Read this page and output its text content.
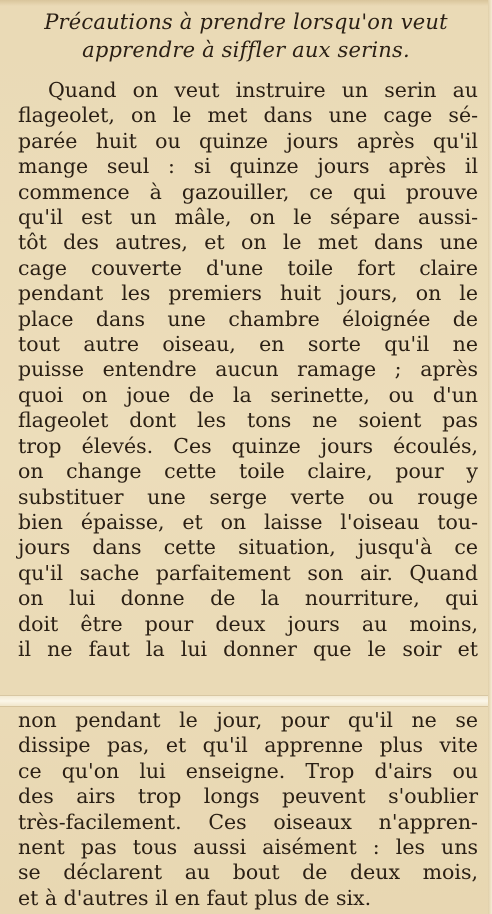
Précautions à prendre lorsqu'on veut
apprendre à siffler aux serins.
Quand on veut instruire un serin au
flageolet, on le met dans une cage sé-
parée huit ou quinze jours après qu'il
mange seul : si quinze jours après il
commence à gazouiller, ce qui prouve
qu'il est un mâle, on le sépare aussi-
tôt des autres, et on le met dans une
cage couverte d'une toile fort claire
pendant les premiers huit jours, on le
place dans une chambre éloignée de
tout autre oiseau, en sorte qu'il ne
puisse entendre aucun ramage ; après
quoi on joue de la serinette, ou d'un
flageolet dont les tons ne soient pas
trop élevés. Ces quinze jours écoulés,
on change cette toile claire, pour y
substituer une serge verte ou rouge
bien épaisse, et on laisse l'oiseau tou-
jours dans cette situation, jusqu'à ce
qu'il sache parfaitement son air. Quand
on lui donne de la nourriture, qui
doit être pour deux jours au moins,
il ne faut la lui donner que le soir et
non pendant le jour, pour qu'il ne se
dissipe pas, et qu'il apprenne plus vite
ce qu'on lui enseigne. Trop d'airs ou
des airs trop longs peuvent s'oublier
très-facilement. Ces oiseaux n'appren-
nent pas tous aussi aisément : les uns
se déclarent au bout de deux mois,
et à d'autres il en faut plus de six.
